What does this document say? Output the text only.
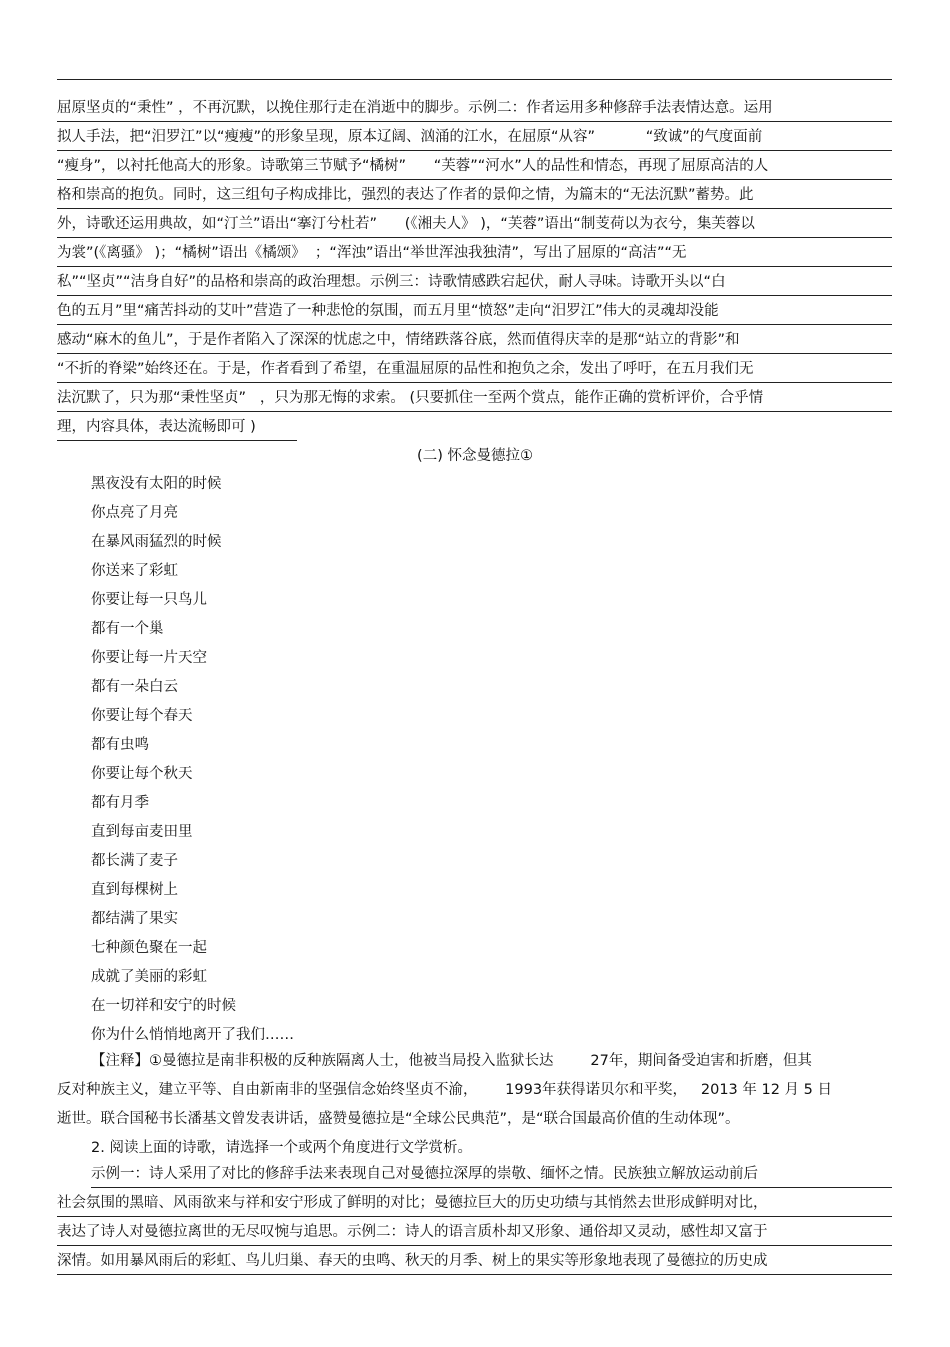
屈原坚贞的“秉性” ，不再沉默，以挽住那行走在消逝中的脚步。示例二：作者运用多种修辞手法表情达意。运用
拟人手法，把“汨罗江”以“瘦瘦”的形象呈现，原本辽阔、汹涌的江水，在屈原“从容”           “致诚”的气度面前
“瘦身”，以衬托他高大的形象。诗歌第三节赋予“橘树”      “芙蓉”“河水”人的品性和情态，再现了屈原高洁的人
格和崇高的抱负。同时，这三组句子构成排比，强烈的表达了作者的景仰之情，为篇末的“无法沉默”蓄势。此
外，诗歌还运用典故，如“汀兰”语出“搴汀兮杜若”      (《湘夫人》 )，“芙蓉”语出“制芰荷以为衣兮，集芙蓉以
为裳”(《离骚》 )；“橘树”语出《橘颂》  ；“浑浊”语出“举世浑浊我独清”，写出了屈原的“高洁”“无
私”“坚贞”“洁身自好”的品格和崇高的政治理想。示例三：诗歌情感跌宕起伏，耐人寻味。诗歌开头以“白
色的五月”里“痛苦抖动的艾叶”营造了一种悲怆的氛围，而五月里“愤怒”走向“汨罗江”伟大的灵魂却没能
感动“麻木的鱼儿”，于是作者陷入了深深的忧虑之中，情绪跌落谷底，然而值得庆幸的是那“站立的背影”和
“不折的脊梁”始终还在。于是，作者看到了希望，在重温屈原的品性和抱负之余，发出了呼吁，在五月我们无
法沉默了，只为那“秉性坚贞”   ，只为那无悔的求索。 (只要抓住一至两个赏点，能作正确的赏析评价，合乎情
理，内容具体，表达流畅即可 )
(二) 怀念曼德拉①
黑夜没有太阳的时候
你点亮了月亮
在暴风雨猛烈的时候
你送来了彩虹
你要让每一只鸟儿
都有一个巢
你要让每一片天空
都有一朵白云
你要让每个春天
都有虫鸣
你要让每个秋天
都有月季
直到每亩麦田里
都长满了麦子
直到每棵树上
都结满了果实
七种颜色聚在一起
成就了美丽的彩虹
在一切祥和安宁的时候
你为什么悄悄地离开了我们……
【注释】①曼德拉是南非积极的反种族隔离人士，他被当局投入监狱长达        27年，期间备受迫害和折磨，但其
反对种族主义，建立平等、自由新南非的坚强信念始终坚贞不渝，      1993年获得诺贝尔和平奖，   2013 年 12 月 5 日
逝世。联合国秘书长潘基文曾发表讲话，盛赞曼德拉是“全球公民典范”，是“联合国最高价值的生动体现”。
2. 阅读上面的诗歌，请选择一个或两个角度进行文学赏析。
示例一：诗人采用了对比的修辞手法来表现自己对曼德拉深厚的崇敬、缅怀之情。民族独立解放运动前后
社会氛围的黑暗、风雨欲来与祥和安宁形成了鲜明的对比；曼德拉巨大的历史功绩与其悄然去世形成鲜明对比，
表达了诗人对曼德拉离世的无尽叹惋与追思。示例二：诗人的语言质朴却又形象、通俗却又灵动，感性却又富于
深情。如用暴风雨后的彩虹、鸟儿归巢、春天的虫鸣、秋天的月季、树上的果实等形象地表现了曼德拉的历史成
